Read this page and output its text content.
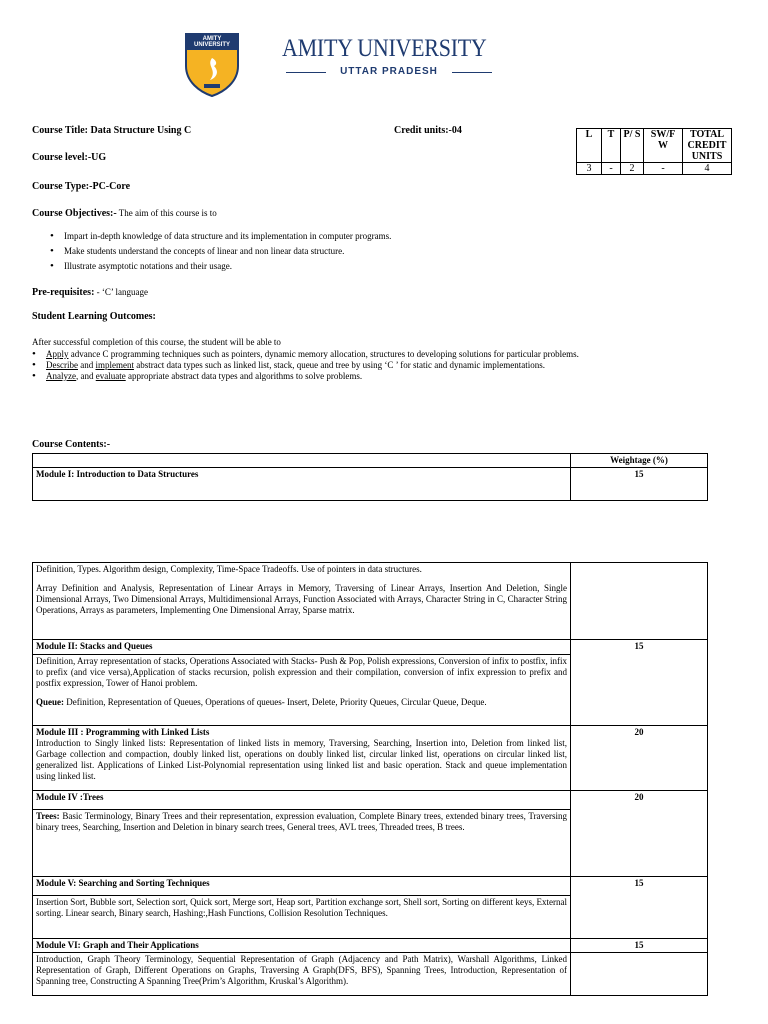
AMITY UNIVERSITY AMITY UNIVERSITY
UTTAR PRADESH
Course Title: Data Structure Using C	Credit units:-04
Course level:-UG
Course Type:-PC-Core
L	T	P/ S	SW/F W	TOTAL CREDIT UNITS
3	-	2	-	4
Course Objectives:- The aim of this course is to
• Impart in-depth knowledge of data structure and its implementation in computer programs.
• Make students understand the concepts of linear and non linear data structure.
• Illustrate asymptotic notations and their usage.
Pre-requisites: - ‘C’ language
Student Learning Outcomes:
After successful completion of this course, the student will be able to
• Apply advance C programming techniques such as pointers, dynamic memory allocation, structures to developing solutions for particular problems.
• Describe and implement abstract data types such as linked list, stack, queue and tree by using ‘C ’ for static and dynamic implementations.
• Analyze, and evaluate appropriate abstract data types and algorithms to solve problems.
Course Contents:-
	Weightage (%)
Module I: Introduction to Data Structures	15

Definition, Types. Algorithm design, Complexity, Time-Space Tradeoffs. Use of pointers in data structures.

Array Definition and Analysis, Representation of Linear Arrays in Memory, Traversing of Linear Arrays, Insertion And Deletion, Single Dimensional Arrays, Two Dimensional Arrays, Multidimensional Arrays, Function Associated with Arrays, Character String in C, Character String Operations, Arrays as parameters, Implementing One Dimensional Array, Sparse matrix.	

Module II: Stacks and Queues	15

Definition, Array representation of stacks, Operations Associated with Stacks- Push & Pop, Polish expressions, Conversion of infix to postfix, infix to prefix (and vice versa),Application of stacks recursion, polish expression and their compilation, conversion of infix expression to prefix and postfix expression, Tower of Hanoi problem.

Queue: Definition, Representation of Queues, Operations of queues- Insert, Delete, Priority Queues, Circular Queue, Deque.	

Module III : Programming with Linked Lists
Introduction to Singly linked lists: Representation of linked lists in memory, Traversing, Searching, Insertion into, Deletion from linked list, Garbage collection and compaction, doubly linked list, operations on doubly linked list, circular linked list, operations on circular linked list, generalized list. Applications of Linked List-Polynomial representation using linked list and basic operation. Stack and queue implementation using linked list.	20
Module IV :Trees	20
Trees: Basic Terminology, Binary Trees and their representation, expression evaluation, Complete Binary trees, extended binary trees, Traversing binary trees, Searching, Insertion and Deletion in binary search trees, General trees, AVL trees, Threaded trees, B trees.	
Module V: Searching and Sorting Techniques	15
Insertion Sort, Bubble sort, Selection sort, Quick sort, Merge sort, Heap sort, Partition exchange sort, Shell sort, Sorting on different keys, External sorting. Linear search, Binary search, Hashing:,Hash Functions, Collision Resolution Techniques.	
Module VI: Graph and Their Applications	15
Introduction, Graph Theory Terminology, Sequential Representation of Graph (Adjacency and Path Matrix), Warshall Algorithms, Linked Representation of Graph, Different Operations on Graphs, Traversing A Graph(DFS, BFS), Spanning Trees, Introduction, Representation of Spanning tree, Constructing A Spanning Tree(Prim’s Algorithm, Kruskal’s Algorithm).	
